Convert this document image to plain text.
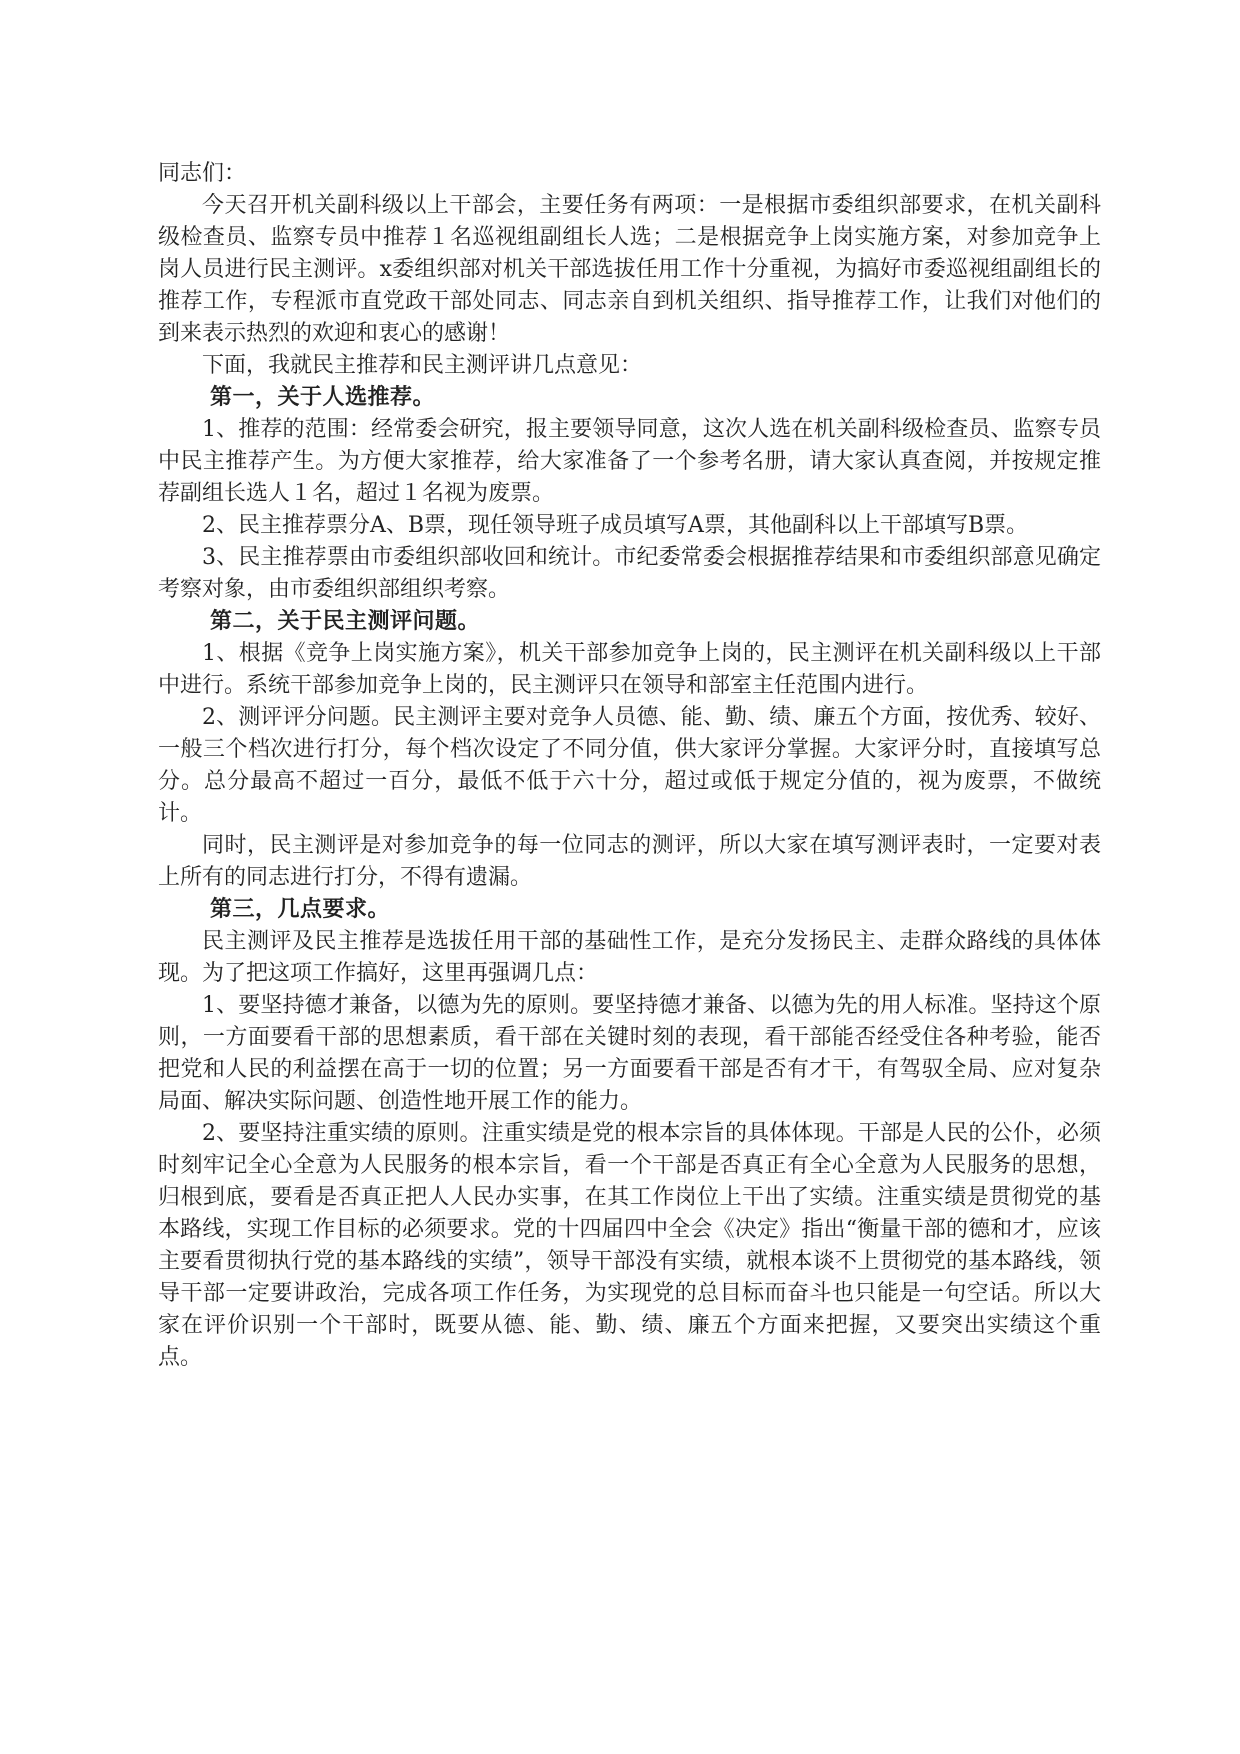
同志们：

今天召开机关副科级以上干部会，主要任务有两项：一是根据市委组织部要求，在机关副科级检查员、监察专员中推荐１名巡视组副组长人选；二是根据竞争上岗实施方案，对参加竞争上岗人员进行民主测评。x委组织部对机关干部选拔任用工作十分重视，为搞好市委巡视组副组长的推荐工作，专程派市直党政干部处同志、同志亲自到机关组织、指导推荐工作，让我们对他们的到来表示热烈的欢迎和衷心的感谢！

下面，我就民主推荐和民主测评讲几点意见：

第一，关于人选推荐。

1、推荐的范围：经常委会研究，报主要领导同意，这次人选在机关副科级检查员、监察专员中民主推荐产生。为方便大家推荐，给大家准备了一个参考名册，请大家认真查阅，并按规定推荐副组长选人１名，超过１名视为废票。

2、民主推荐票分A、B票，现任领导班子成员填写A票，其他副科以上干部填写B票。

3、民主推荐票由市委组织部收回和统计。市纪委常委会根据推荐结果和市委组织部意见确定考察对象，由市委组织部组织考察。

第二，关于民主测评问题。

1、根据《竞争上岗实施方案》，机关干部参加竞争上岗的，民主测评在机关副科级以上干部中进行。系统干部参加竞争上岗的，民主测评只在领导和部室主任范围内进行。

2、测评评分问题。民主测评主要对竞争人员德、能、勤、绩、廉五个方面，按优秀、较好、一般三个档次进行打分，每个档次设定了不同分值，供大家评分掌握。大家评分时，直接填写总分。总分最高不超过一百分，最低不低于六十分，超过或低于规定分值的，视为废票，不做统计。

同时，民主测评是对参加竞争的每一位同志的测评，所以大家在填写测评表时，一定要对表上所有的同志进行打分，不得有遗漏。

第三，几点要求。

民主测评及民主推荐是选拔任用干部的基础性工作，是充分发扬民主、走群众路线的具体体现。为了把这项工作搞好，这里再强调几点：

1、要坚持德才兼备，以德为先的原则。要坚持德才兼备、以德为先的用人标准。坚持这个原则，一方面要看干部的思想素质，看干部在关键时刻的表现，看干部能否经受住各种考验，能否把党和人民的利益摆在高于一切的位置；另一方面要看干部是否有才干，有驾驭全局、应对复杂局面、解决实际问题、创造性地开展工作的能力。

2、要坚持注重实绩的原则。注重实绩是党的根本宗旨的具体体现。干部是人民的公仆，必须时刻牢记全心全意为人民服务的根本宗旨，看一个干部是否真正有全心全意为人民服务的思想，归根到底，要看是否真正把人人民办实事，在其工作岗位上干出了实绩。注重实绩是贯彻党的基本路线，实现工作目标的必须要求。党的十四届四中全会《决定》指出“衡量干部的德和才，应该主要看贯彻执行党的基本路线的实绩”，领导干部没有实绩，就根本谈不上贯彻党的基本路线，领导干部一定要讲政治，完成各项工作任务，为实现党的总目标而奋斗也只能是一句空话。所以大家在评价识别一个干部时，既要从德、能、勤、绩、廉五个方面来把握，又要突出实绩这个重点。
